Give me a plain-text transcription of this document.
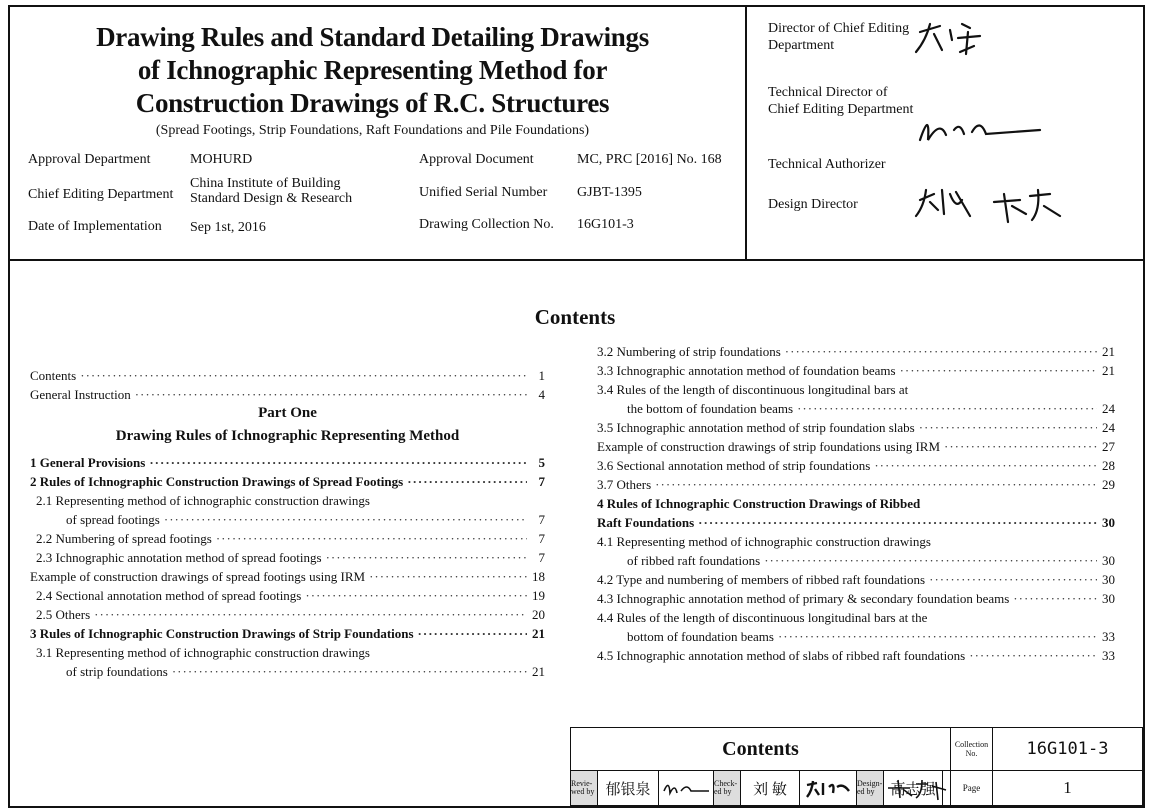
Drawing Rules and Standard Detailing Drawings
of Ichnographic Representing Method for
Construction Drawings of R.C. Structures
(Spread Footings, Strip Foundations, Raft Foundations and Pile Foundations)
Approval Department	MOHURD
Chief Editing Department
China Institute of Building
Standard Design & Research
Date of Implementation Sep 1st, 2016
Approval Document	MC, PRC [2016] No. 168
Unified Serial Number GJBT-1395
Drawing Collection No. 16G101-3
Director of Chief Editing
Department
Technical Director of
Chief Editing Department
Technical Authorizer
Design Director
Contents
Contents ·····	1
General Instruction ·····	4
1 General Provisions ·····	5
2 Rules of Ichnographic Construction Drawings of Spread Footings ·····	7
2.1 Representing method of ichnographic construction drawings
of spread footings ·····	7
2.2 Numbering of spread footings ·····	7
2.3 Ichnographic annotation method of spread footings ·····	7
Example of construction drawings of spread footings using IRM ·····	18
2.4 Sectional annotation method of spread footings ·····	19
2.5 Others ·····	20
3 Rules of Ichnographic Construction Drawings of Strip Foundations ·····	21
3.1 Representing method of ichnographic construction drawings
of strip foundations ·····	21
3.2 Numbering of strip foundations ·····	21
3.3 Ichnographic annotation method of foundation beams ·····	21
3.4 Rules of the length of discontinuous longitudinal bars at
the bottom of foundation beams ·····	24
3.5 Ichnographic annotation method of strip foundation slabs ·····	24
Example of construction drawings of strip foundations using IRM ·····	27
3.6 Sectional annotation method of strip foundations ·····	28
3.7 Others ·····	29
4 Rules of Ichnographic Construction Drawings of Ribbed
Raft Foundations ·····	30
4.1 Representing method of ichnographic construction drawings
of ribbed raft foundations ·····	30
4.2 Type and numbering of members of ribbed raft foundations ·····	30
4.3 Ichnographic annotation method of primary & secondary foundation beams ·····	30
4.4 Rules of the length of discontinuous longitudinal bars at the
bottom of foundation beams ·····	33
4.5 Ichnographic annotation method of slabs of ribbed raft foundations ·····	33
Part One
Drawing Rules of Ichnographic Representing Method
Contents	Collection No.	16G101-3
Page	1
Revie-wed by 郁银泉	Check-ed by	刘 敏	Design-ed by	高志强
